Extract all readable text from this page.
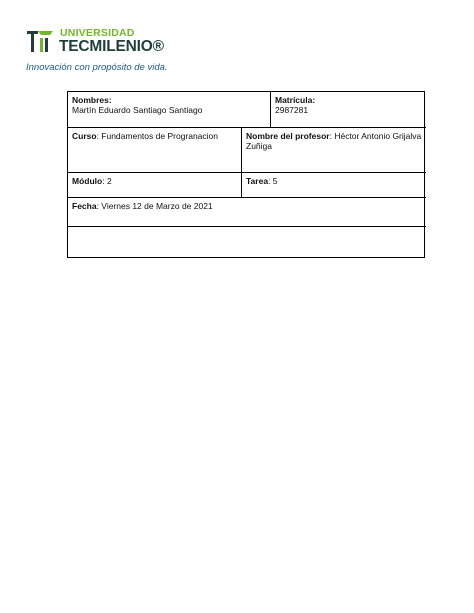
UNIVERSIDAD
TECMILENIO®
Innovación con propósito de vida.
Nombres:
Martín Eduardo Santiago Santiago
Matrícula:
2987281
Curso: Fundamentos de Progranacion	Nombre del profesor: Héctor Antonio Grijalva Zuñiga
Módulo: 2	Tarea: 5
Fecha: Viernes 12 de Marzo de 2021
